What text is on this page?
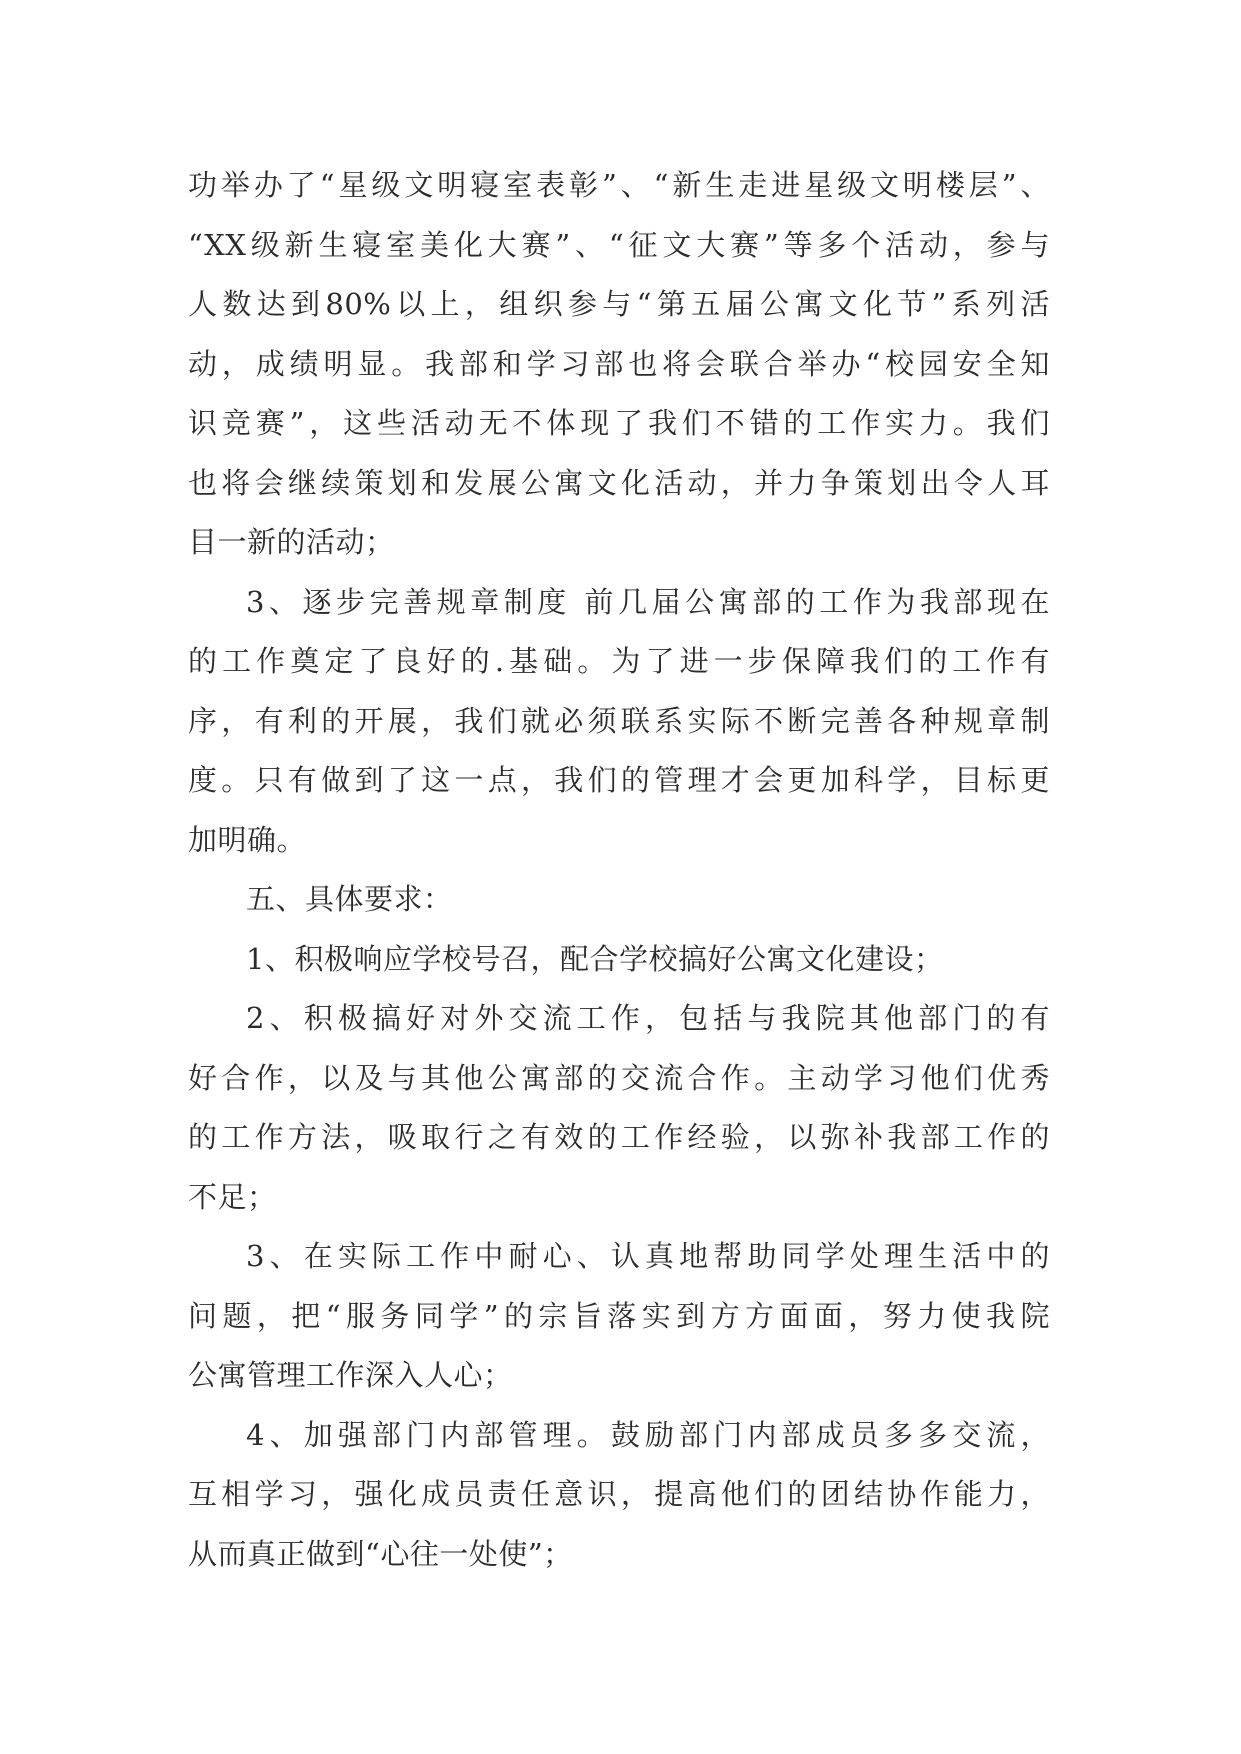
功举办了“星级文明寝室表彰”、“新生走进星级文明楼层”、
“XX级新生寝室美化大赛”、“征文大赛”等多个活动，参与
人数达到80%以上，组织参与“第五届公寓文化节”系列活
动，成绩明显。我部和学习部也将会联合举办“校园安全知
识竞赛”，这些活动无不体现了我们不错的工作实力。我们
也将会继续策划和发展公寓文化活动，并力争策划出令人耳
目一新的活动；
3、逐步完善规章制度 前几届公寓部的工作为我部现在
的工作奠定了良好的.基础。为了进一步保障我们的工作有
序，有利的开展，我们就必须联系实际不断完善各种规章制
度。只有做到了这一点，我们的管理才会更加科学，目标更
加明确。
五、具体要求：
1、积极响应学校号召，配合学校搞好公寓文化建设；
2、积极搞好对外交流工作，包括与我院其他部门的有
好合作，以及与其他公寓部的交流合作。主动学习他们优秀
的工作方法，吸取行之有效的工作经验，以弥补我部工作的
不足；
3、在实际工作中耐心、认真地帮助同学处理生活中的
问题，把“服务同学”的宗旨落实到方方面面，努力使我院
公寓管理工作深入人心；
4、加强部门内部管理。鼓励部门内部成员多多交流，
互相学习，强化成员责任意识，提高他们的团结协作能力，
从而真正做到“心往一处使”；
